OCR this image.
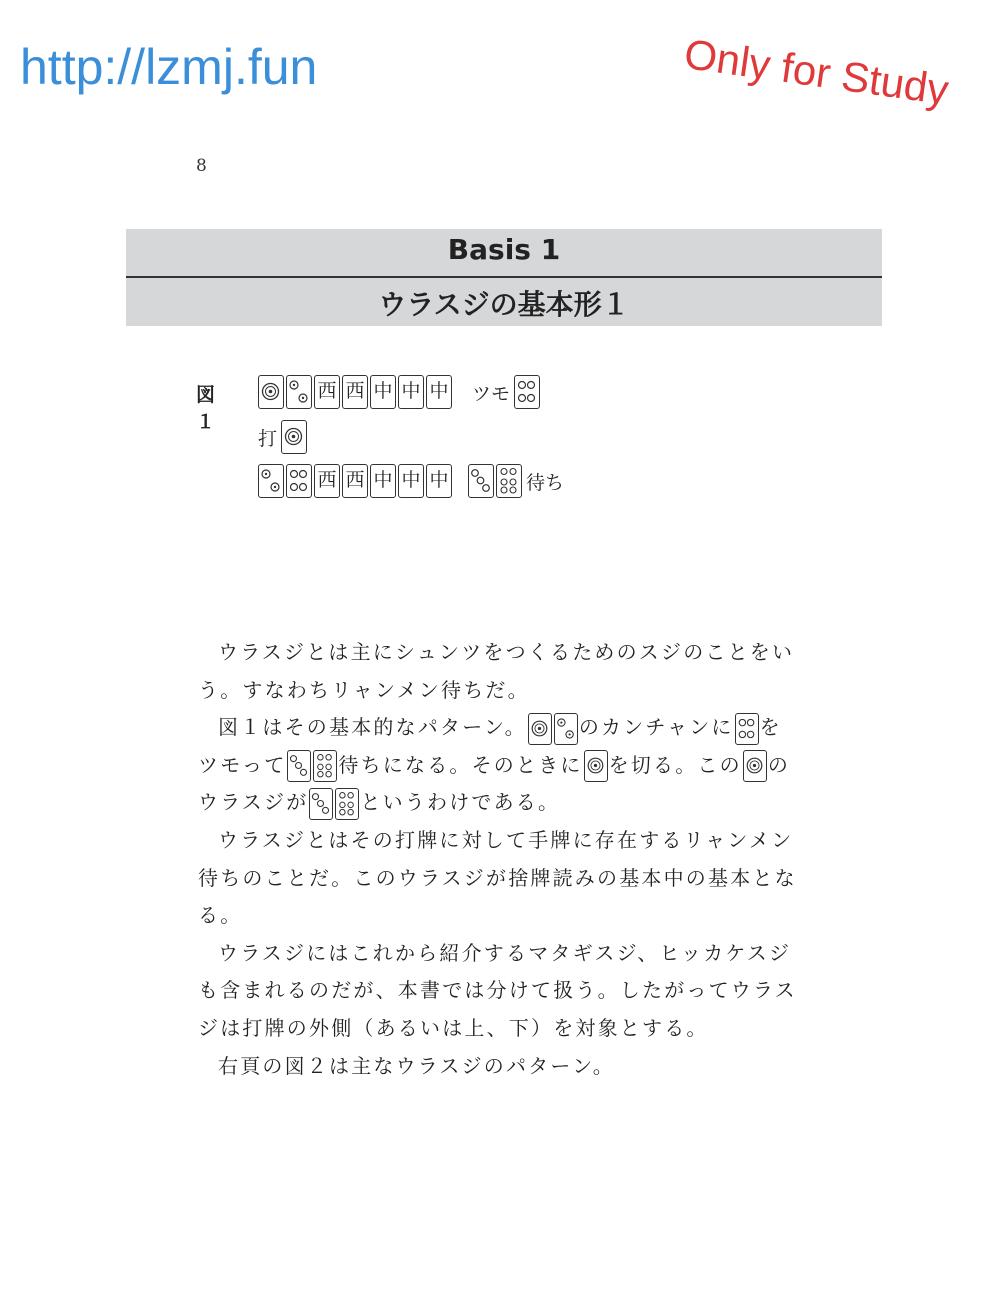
http://lzmj.fun	Only for Study
8
Basis 1
ウラスジの基本形１
図１
西 西 中 中 中 ツモ
打
西 西 中 中 中	待ち

ウラスジとは主にシュンツをつくるためのスジのことをいう。すなわちリャンメン待ちだ。

図１はその基本的なパターン。	のカンチャンに をツモって	待ちになる。そのときに を切る。この のウラスジが	というわけである。

ウラスジとはその打牌に対して手牌に存在するリャンメン待ちのことだ。このウラスジが捨牌読みの基本中の基本となる。

ウラスジにはこれから紹介するマタギスジ、ヒッカケスジも含まれるのだが、本書では分けて扱う。したがってウラスジは打牌の外側（あるいは上、下）を対象とする。

右頁の図２は主なウラスジのパターン。
